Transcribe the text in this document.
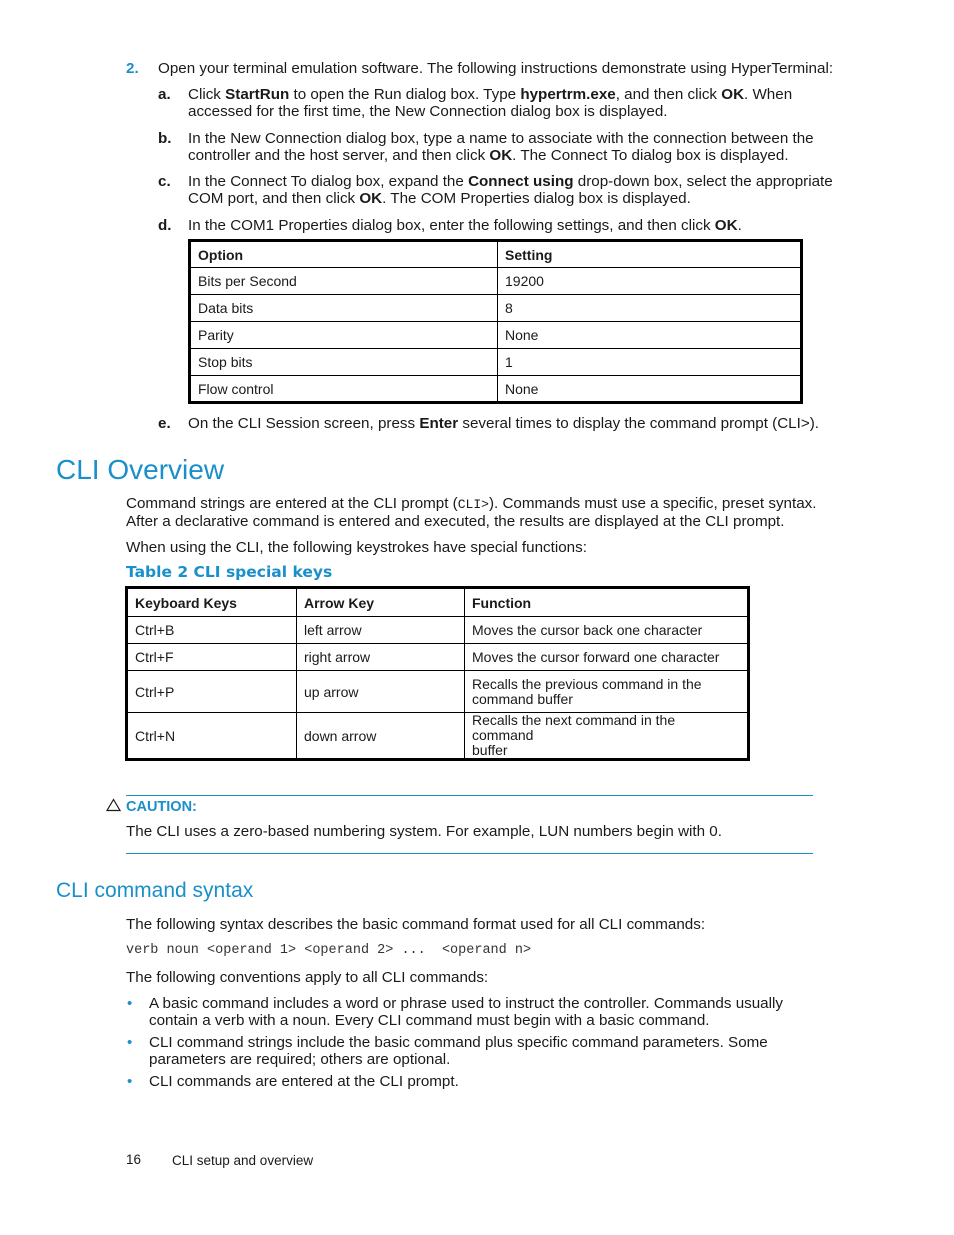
2. Open your terminal emulation software. The following instructions demonstrate using HyperTerminal:
a. Click StartRun to open the Run dialog box. Type hypertrm.exe, and then click OK. When
accessed for the first time, the New Connection dialog box is displayed.
b. In the New Connection dialog box, type a name to associate with the connection between the
controller and the host server, and then click OK. The Connect To dialog box is displayed.
c. In the Connect To dialog box, expand the Connect using drop-down box, select the appropriate
COM port, and then click OK. The COM Properties dialog box is displayed.
d. In the COM1 Properties dialog box, enter the following settings, and then click OK.
Option	Setting
Bits per Second	19200
Data bits	8
Parity	None
Stop bits	1
Flow control	None
e. On the CLI Session screen, press Enter several times to display the command prompt (CLI>).
CLI Overview
Command strings are entered at the CLI prompt (CLI>). Commands must use a specific, preset syntax.
After a declarative command is entered and executed, the results are displayed at the CLI prompt.
When using the CLI, the following keystrokes have special functions:
Table 2 CLI special keys
Keyboard Keys	Arrow Key	Function
Ctrl+B	left arrow	Moves the cursor back one character
Ctrl+F	right arrow	Moves the cursor forward one character
Ctrl+P	up arrow	Recalls the previous command in the
command buffer
Ctrl+N	down arrow	Recalls the next command in the command
buffer
CAUTION:
The CLI uses a zero-based numbering system. For example, LUN numbers begin with 0.
CLI command syntax
The following syntax describes the basic command format used for all CLI commands:
verb noun <operand 1> <operand 2> ...  <operand n>
The following conventions apply to all CLI commands:
• A basic command includes a word or phrase used to instruct the controller. Commands usually
contain a verb with a noun. Every CLI command must begin with a basic command.
• CLI command strings include the basic command plus specific command parameters. Some
parameters are required; others are optional.
• CLI commands are entered at the CLI prompt.
16 CLI setup and overview
